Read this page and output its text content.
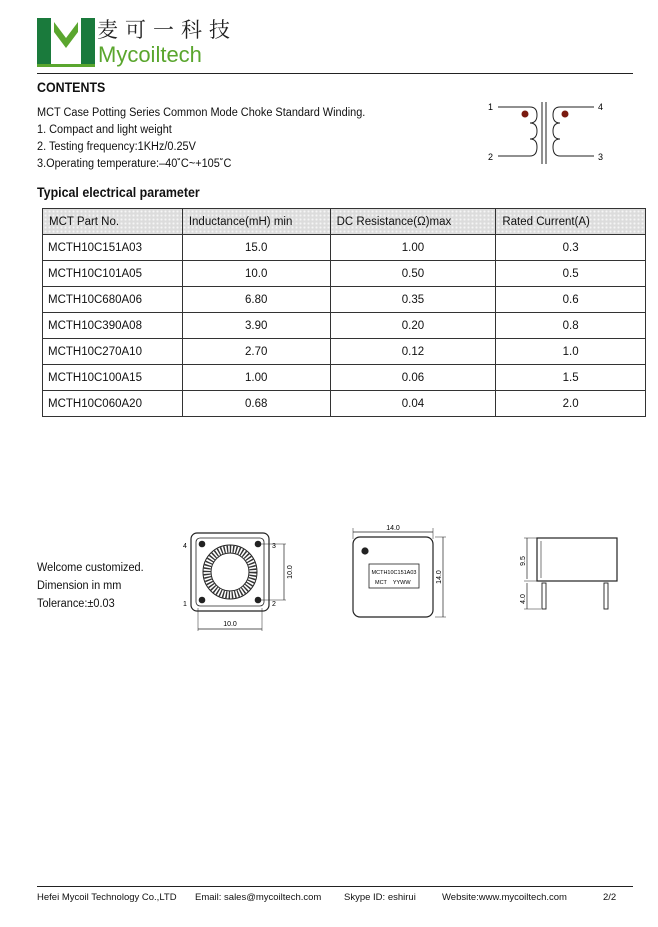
麦可一科技
Mycoiltech
CONTENTS
MCT Case Potting Series Common Mode Choke Standard Winding.
1. Compact and light weight
2. Testing frequency:1KHz/0.25V
3.Operating temperature:–40˚C~+105˚C
1
2
4
3
Typical electrical parameter
MCT Part No.	Inductance(mH) min	DC Resistance(Ω)max	Rated Current(A)
MCTH10C151A03	15.0	1.00	0.3
MCTH10C101A05	10.0	0.50	0.5
MCTH10C680A06	6.80	0.35	0.6
MCTH10C390A08	3.90	0.20	0.8
MCTH10C270A10	2.70	0.12	1.0
MCTH10C100A15	1.00	0.06	1.5
MCTH10C060A20	0.68	0.04	2.0
Welcome customized.
Dimension in mm
Tolerance:±0.03
4	3
1	2
10.0
10.0
14.0
MCTH10C151A03
MCT    YYWW	14.0
9.5
4.0
Hefei Mycoil Technology Co.,LTD Email: sales@mycoiltech.com Skype ID: eshirui	Website:www.mycoiltech.com	2/2
